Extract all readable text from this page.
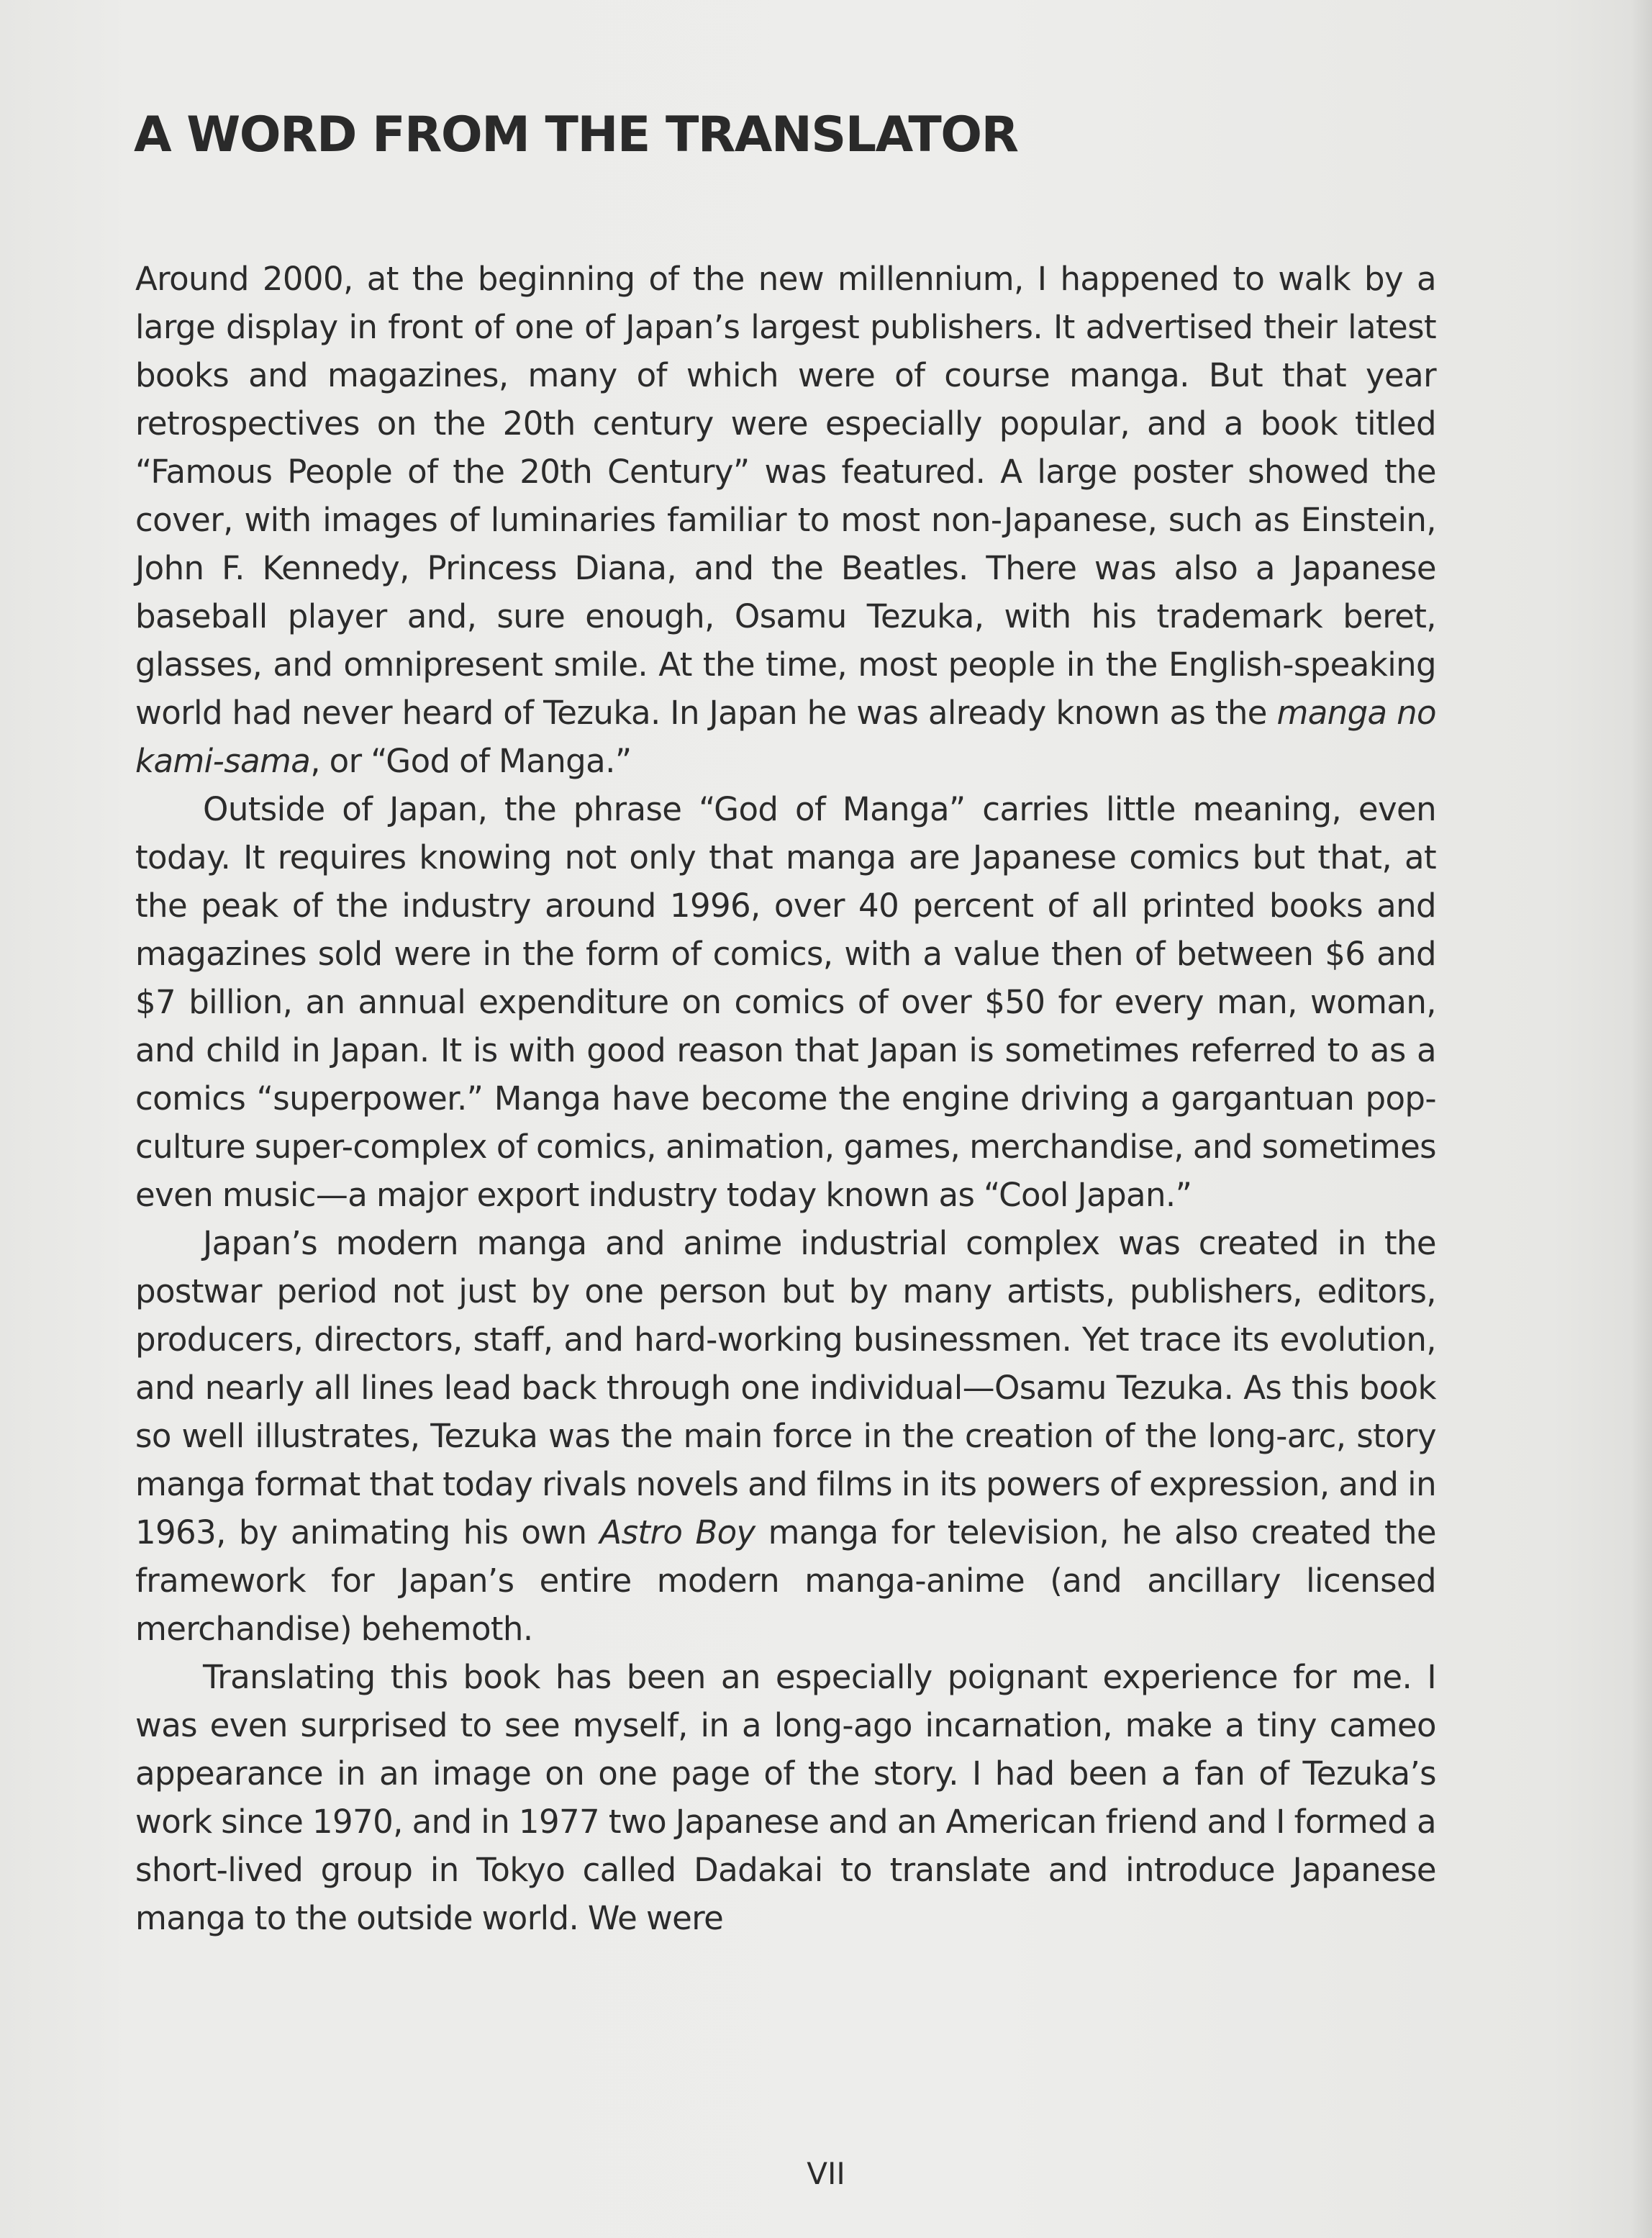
A WORD FROM THE TRANSLATOR

Around 2000, at the beginning of the new millennium, I happened to walk by a large display in front of one of Japan’s largest publishers. It advertised their latest books and magazines, many of which were of course manga. But that year retrospectives on the 20th century were especially popular, and a book titled “Famous People of the 20th Century” was featured. A large poster showed the cover, with images of luminaries familiar to most non-Japanese, such as Einstein, John F. Kennedy, Princess Diana, and the Beatles. There was also a Japanese baseball player and, sure enough, Osamu Tezuka, with his trademark beret, glasses, and omnipresent smile. At the time, most people in the English-speaking world had never heard of Tezuka. In Japan he was already known as the manga no kami-sama, or “God of Manga.”

Outside of Japan, the phrase “God of Manga” carries little meaning, even today. It requires knowing not only that manga are Japanese comics but that, at the peak of the industry around 1996, over 40 percent of all printed books and magazines sold were in the form of comics, with a value then of between $6 and $7 billion, an annual expenditure on comics of over $50 for every man, woman, and child in Japan. It is with good reason that Japan is sometimes referred to as a comics “superpower.” Manga have become the engine driving a gargantuan pop-culture super-complex of comics, animation, games, merchandise, and sometimes even music—a major export industry today known as “Cool Japan.”

Japan’s modern manga and anime industrial complex was created in the postwar period not just by one person but by many artists, publishers, editors, producers, directors, staff, and hard-working businessmen. Yet trace its evolution, and nearly all lines lead back through one individual—Osamu Tezuka. As this book so well illustrates, Tezuka was the main force in the creation of the long-arc, story manga format that today rivals novels and films in its powers of expression, and in 1963, by animating his own Astro Boy manga for television, he also created the framework for Japan’s entire modern manga-anime (and ancillary licensed merchandise) behemoth.

Translating this book has been an especially poignant experience for me. I was even surprised to see myself, in a long-ago incarnation, make a tiny cameo appearance in an image on one page of the story. I had been a fan of Tezuka’s work since 1970, and in 1977 two Japanese and an American friend and I formed a short-lived group in Tokyo called Dadakai to translate and introduce Japanese manga to the outside world. We were

VII
